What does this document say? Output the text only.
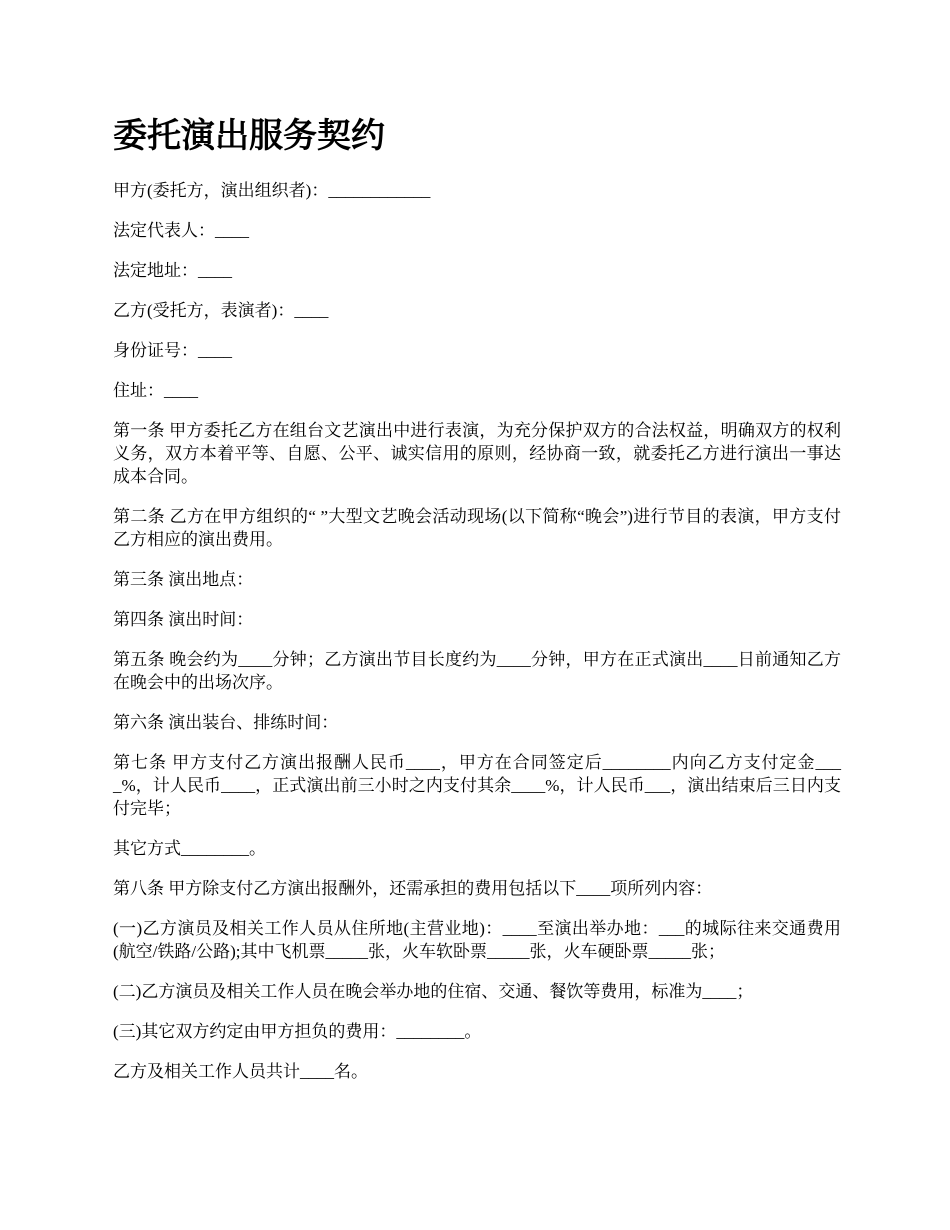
委托演出服务契约

甲方(委托方，演出组织者)：____________

法定代表人：____

法定地址：____

乙方(受托方，表演者)：____

身份证号：____

住址：____

第一条 甲方委托乙方在组台文艺演出中进行表演，为充分保护双方的合法权益，明确双方的权利义务，双方本着平等、自愿、公平、诚实信用的原则，经协商一致，就委托乙方进行演出一事达成本合同。

第二条 乙方在甲方组织的“ ”大型文艺晚会活动现场(以下简称“晚会”)进行节目的表演，甲方支付乙方相应的演出费用。

第三条 演出地点：

第四条 演出时间：

第五条 晚会约为____分钟；乙方演出节目长度约为____分钟，甲方在正式演出____日前通知乙方在晚会中的出场次序。

第六条 演出装台、排练时间：

第七条 甲方支付乙方演出报酬人民币____，甲方在合同签定后________内向乙方支付定金____%，计人民币____，正式演出前三小时之内支付其余____%，计人民币___，演出结束后三日内支付完毕；

其它方式________。

第八条 甲方除支付乙方演出报酬外，还需承担的费用包括以下____项所列内容：

(一)乙方演员及相关工作人员从住所地(主营业地)：____至演出举办地：___的城际往来交通费用(航空/铁路/公路);其中飞机票_____张，火车软卧票_____张，火车硬卧票_____张；

(二)乙方演员及相关工作人员在晚会举办地的住宿、交通、餐饮等费用，标准为____；

(三)其它双方约定由甲方担负的费用：________。

乙方及相关工作人员共计____名。
